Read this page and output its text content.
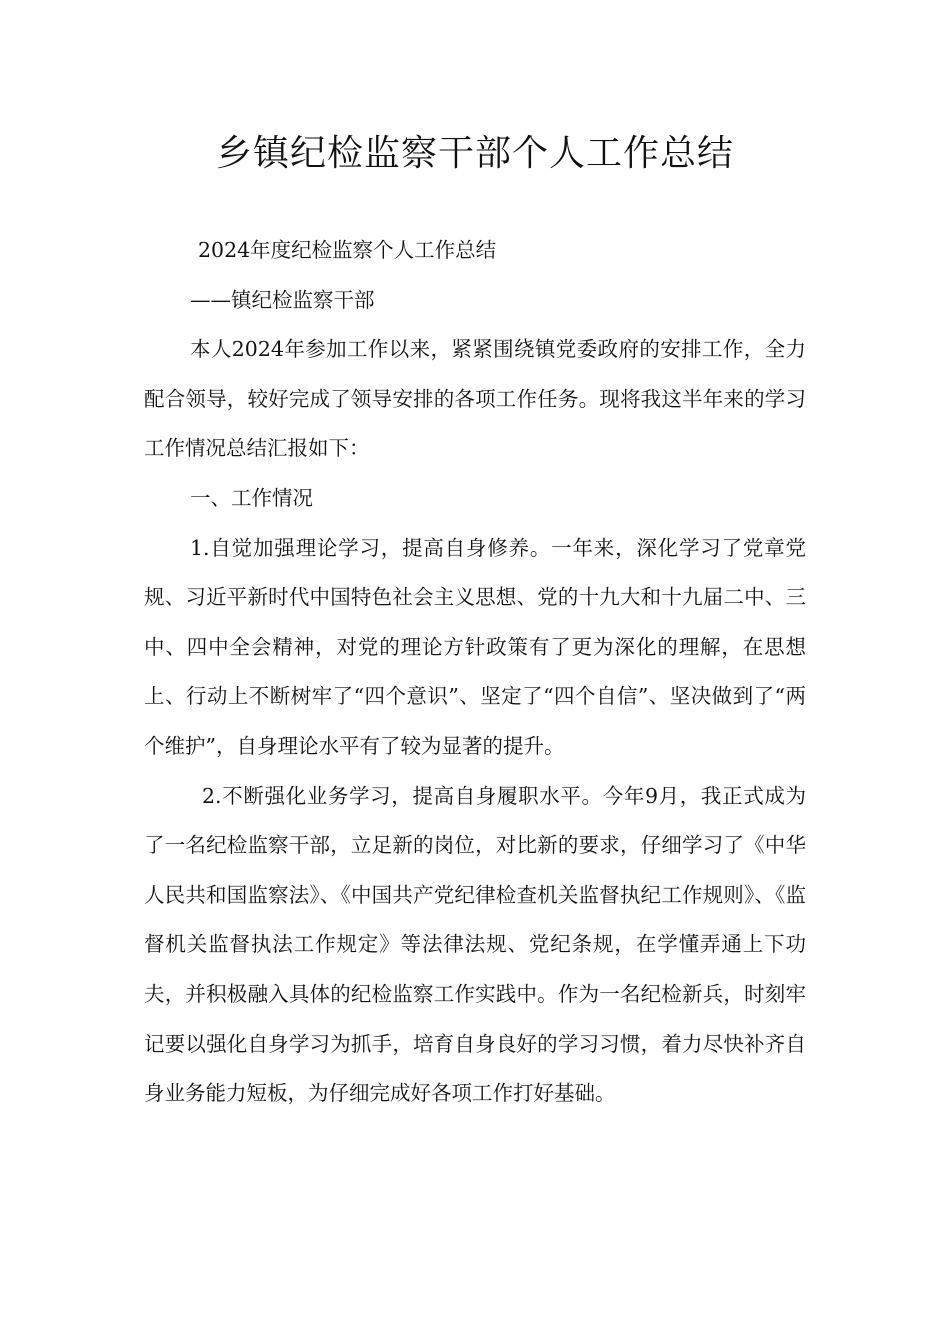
乡镇纪检监察干部个人工作总结

2024年度纪检监察个人工作总结

——镇纪检监察干部

本人2024年参加工作以来，紧紧围绕镇党委政府的安排工作，全力配合领导，较好完成了领导安排的各项工作任务。现将我这半年来的学习工作情况总结汇报如下：

一、工作情况

1.自觉加强理论学习，提高自身修养。一年来，深化学习了党章党规、习近平新时代中国特色社会主义思想、党的十九大和十九届二中、三中、四中全会精神，对党的理论方针政策有了更为深化的理解，在思想上、行动上不断树牢了“四个意识”、坚定了“四个自信”、坚决做到了“两个维护”，自身理论水平有了较为显著的提升。

2.不断强化业务学习，提高自身履职水平。今年9月，我正式成为了一名纪检监察干部，立足新的岗位，对比新的要求，仔细学习了《中华人民共和国监察法》、《中国共产党纪律检查机关监督执纪工作规则》、《监督机关监督执法工作规定》等法律法规、党纪条规，在学懂弄通上下功夫，并积极融入具体的纪检监察工作实践中。作为一名纪检新兵，时刻牢记要以强化自身学习为抓手，培育自身良好的学习习惯，着力尽快补齐自身业务能力短板，为仔细完成好各项工作打好基础。
